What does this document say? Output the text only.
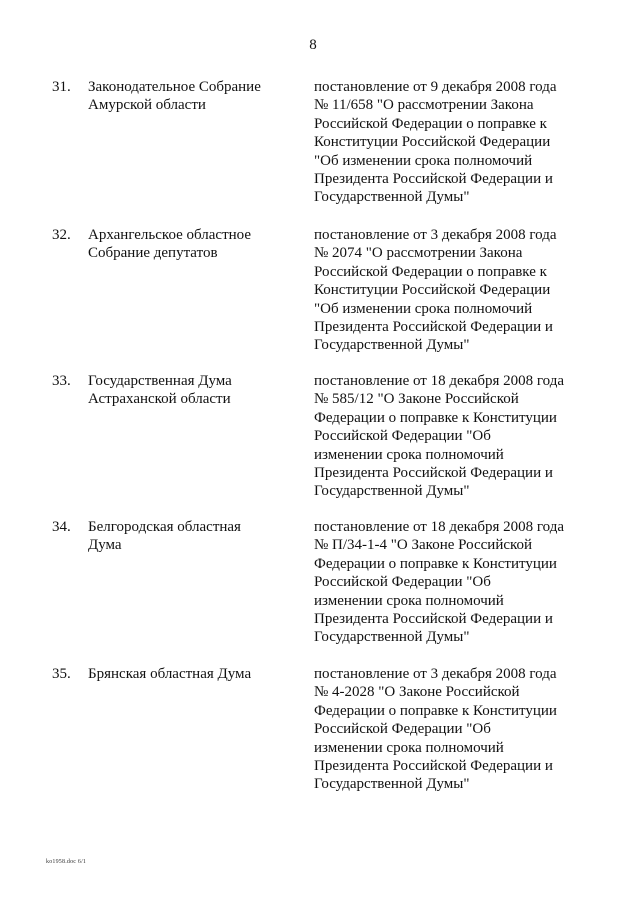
8
31. Законодательное Собрание
Амурской области
постановление от 9 декабря 2008 года
№ 11/658 "О рассмотрении Закона
Российской Федерации о поправке к
Конституции Российской Федерации
"Об изменении срока полномочий
Президента Российской Федерации и
Государственной Думы"
32. Архангельское областное
Собрание депутатов
постановление от 3 декабря 2008 года
№ 2074 "О рассмотрении Закона
Российской Федерации о поправке к
Конституции Российской Федерации
"Об изменении срока полномочий
Президента Российской Федерации и
Государственной Думы"
33. Государственная Дума
Астраханской области
постановление от 18 декабря 2008 года
№ 585/12 "О Законе Российской
Федерации о поправке к Конституции
Российской Федерации "Об
изменении срока полномочий
Президента Российской Федерации и
Государственной Думы"
34. Белгородская областная
Дума
постановление от 18 декабря 2008 года
№ П/34-1-4 "О Законе Российской
Федерации о поправке к Конституции
Российской Федерации "Об
изменении срока полномочий
Президента Российской Федерации и
Государственной Думы"
35. Брянская областная Дума	постановление от 3 декабря 2008 года
№ 4-2028 "О Законе Российской
Федерации о поправке к Конституции
Российской Федерации "Об
изменении срока полномочий
Президента Российской Федерации и
Государственной Думы"
ko1958.doc 6/1
